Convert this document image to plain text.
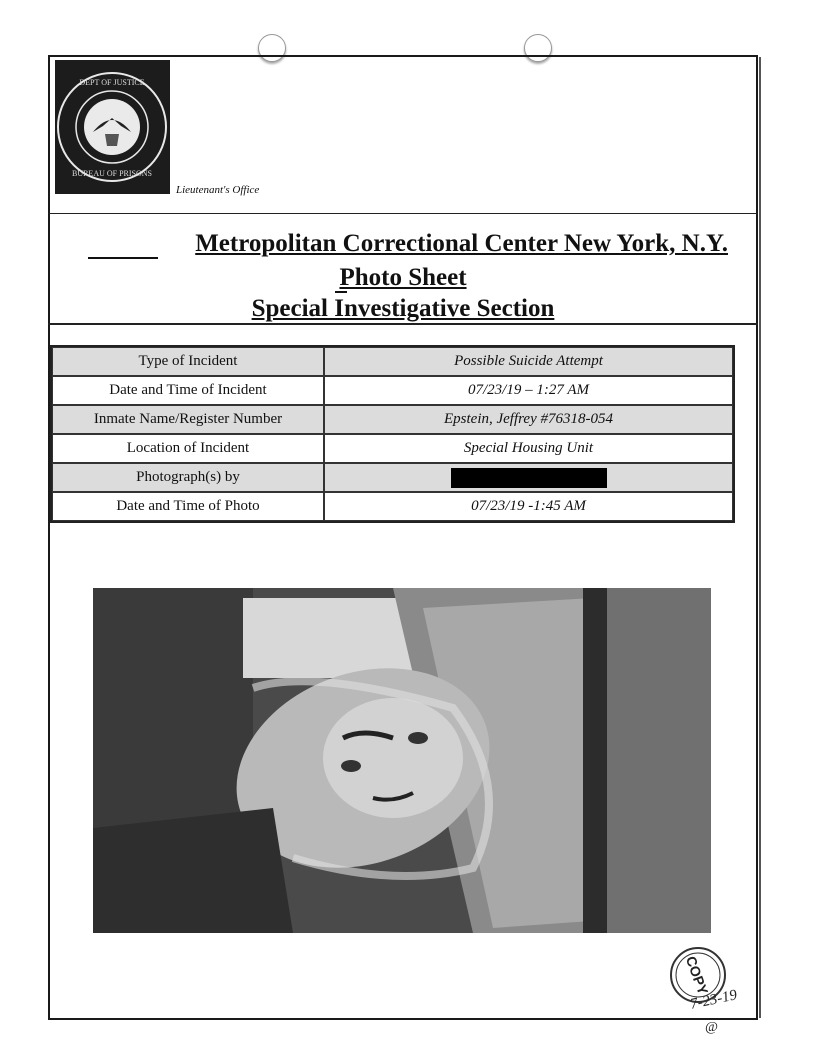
DEPT OF JUSTICE
BUREAU OF PRISONS
Lieutenant's Office
Metropolitan Correctional Center New York, N.Y.
Photo Sheet
Special Investigative Section
Type of Incident	Possible Suicide Attempt
Date and Time of Incident	07/23/19 – 1:27 AM
Inmate Name/Register Number	Epstein, Jeffrey #76318-054
Location of Incident	Special Housing Unit
Photograph(s) by	
Date and Time of Photo	07/23/19 -1:45 AM
COPY
7-23-19
@
